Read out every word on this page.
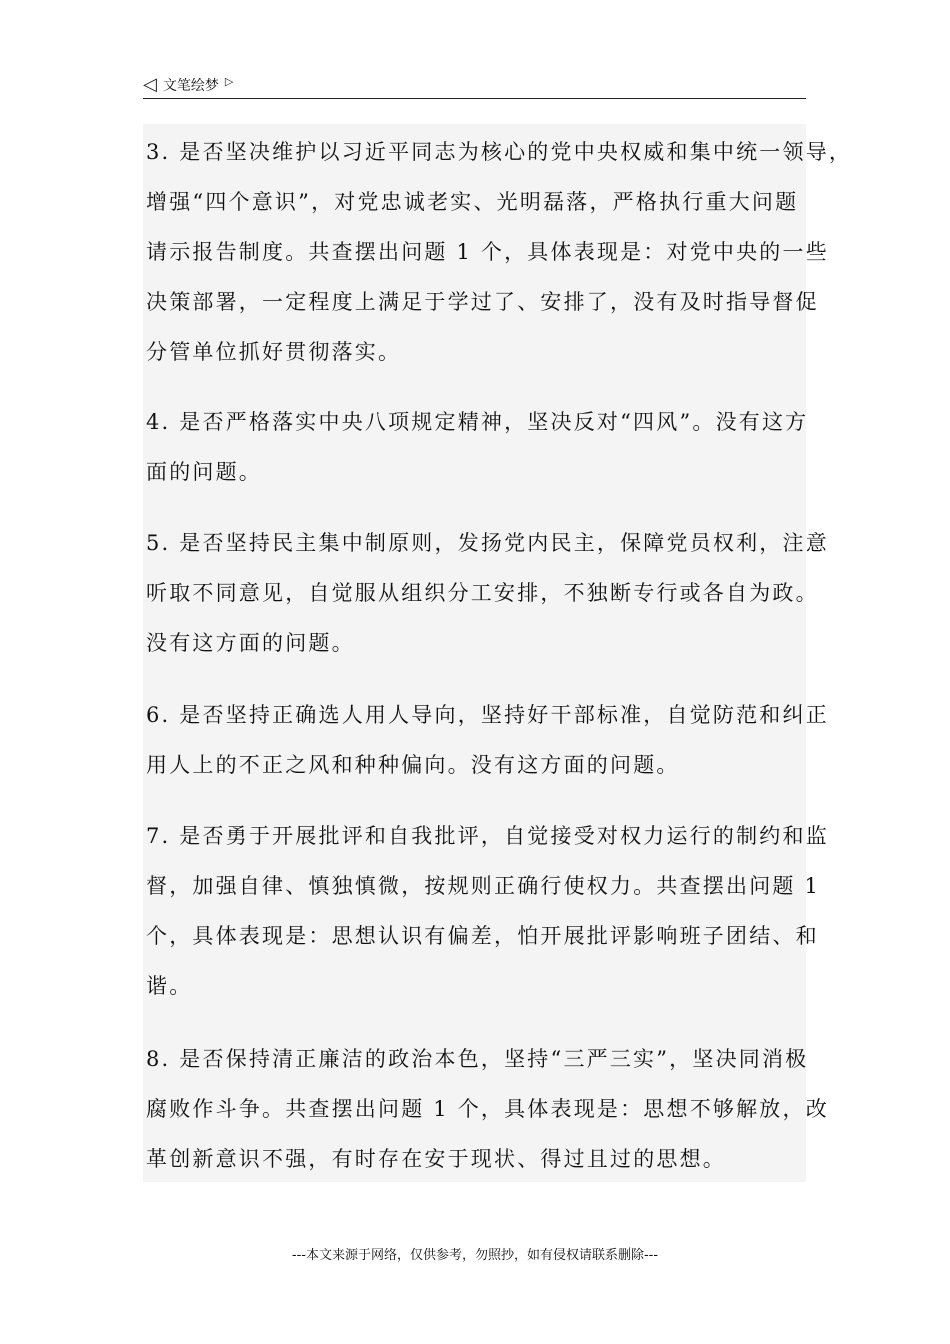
◁ 文笔绘梦 ▷
3. 是否坚决维护以习近平同志为核心的党中央权威和集中统一领导，
增强“四个意识”，对党忠诚老实、光明磊落，严格执行重大问题
请示报告制度。共查摆出问题 1 个，具体表现是：对党中央的一些
决策部署，一定程度上满足于学过了、安排了，没有及时指导督促
分管单位抓好贯彻落实。
4. 是否严格落实中央八项规定精神，坚决反对“四风”。没有这方
面的问题。
5. 是否坚持民主集中制原则，发扬党内民主，保障党员权利，注意
听取不同意见，自觉服从组织分工安排，不独断专行或各自为政。
没有这方面的问题。
6. 是否坚持正确选人用人导向，坚持好干部标准，自觉防范和纠正
用人上的不正之风和种种偏向。没有这方面的问题。
7. 是否勇于开展批评和自我批评，自觉接受对权力运行的制约和监
督，加强自律、慎独慎微，按规则正确行使权力。共查摆出问题 1
个，具体表现是：思想认识有偏差，怕开展批评影响班子团结、和
谐。
8. 是否保持清正廉洁的政治本色，坚持“三严三实”，坚决同消极
腐败作斗争。共查摆出问题 1 个，具体表现是：思想不够解放，改
革创新意识不强，有时存在安于现状、得过且过的思想。
---本文来源于网络，仅供参考，勿照抄，如有侵权请联系删除---
